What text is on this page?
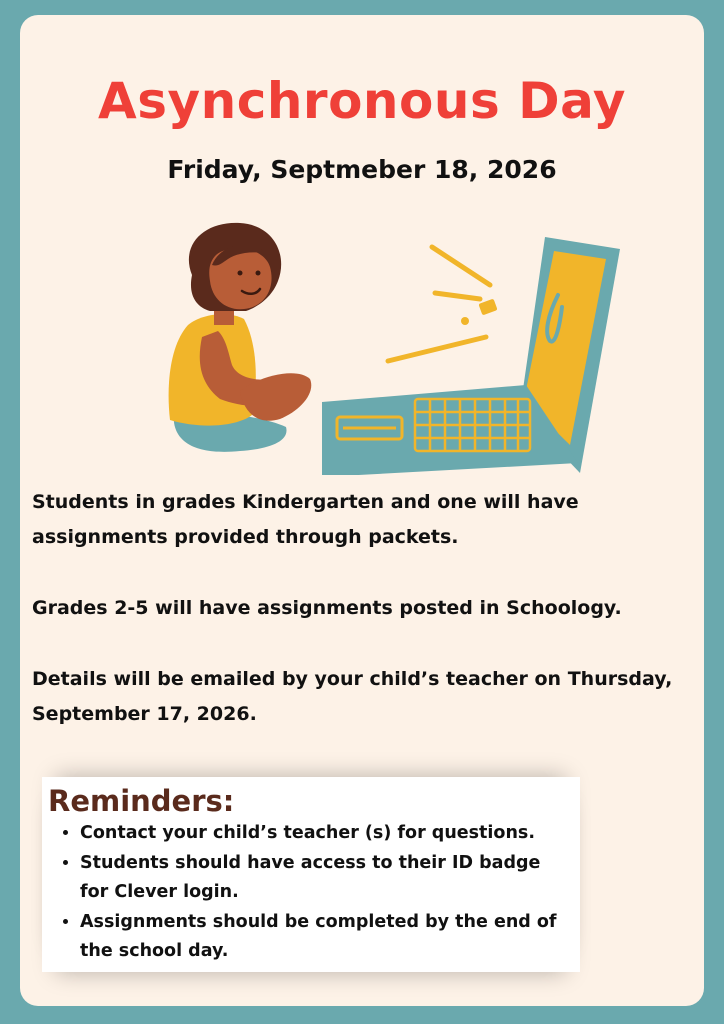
Asynchronous Day
Friday, Septmeber 18, 2026

Students in grades Kindergarten and one will have assignments provided through packets.

Grades 2-5 will have assignments posted in Schoology.

Details will be emailed by your child’s teacher on Thursday, September 17, 2026.

Reminders:
• Contact your child’s teacher (s) for questions.
• Students should have access to their ID badge for Clever login.
• Assignments should be completed by the end of the school day.
